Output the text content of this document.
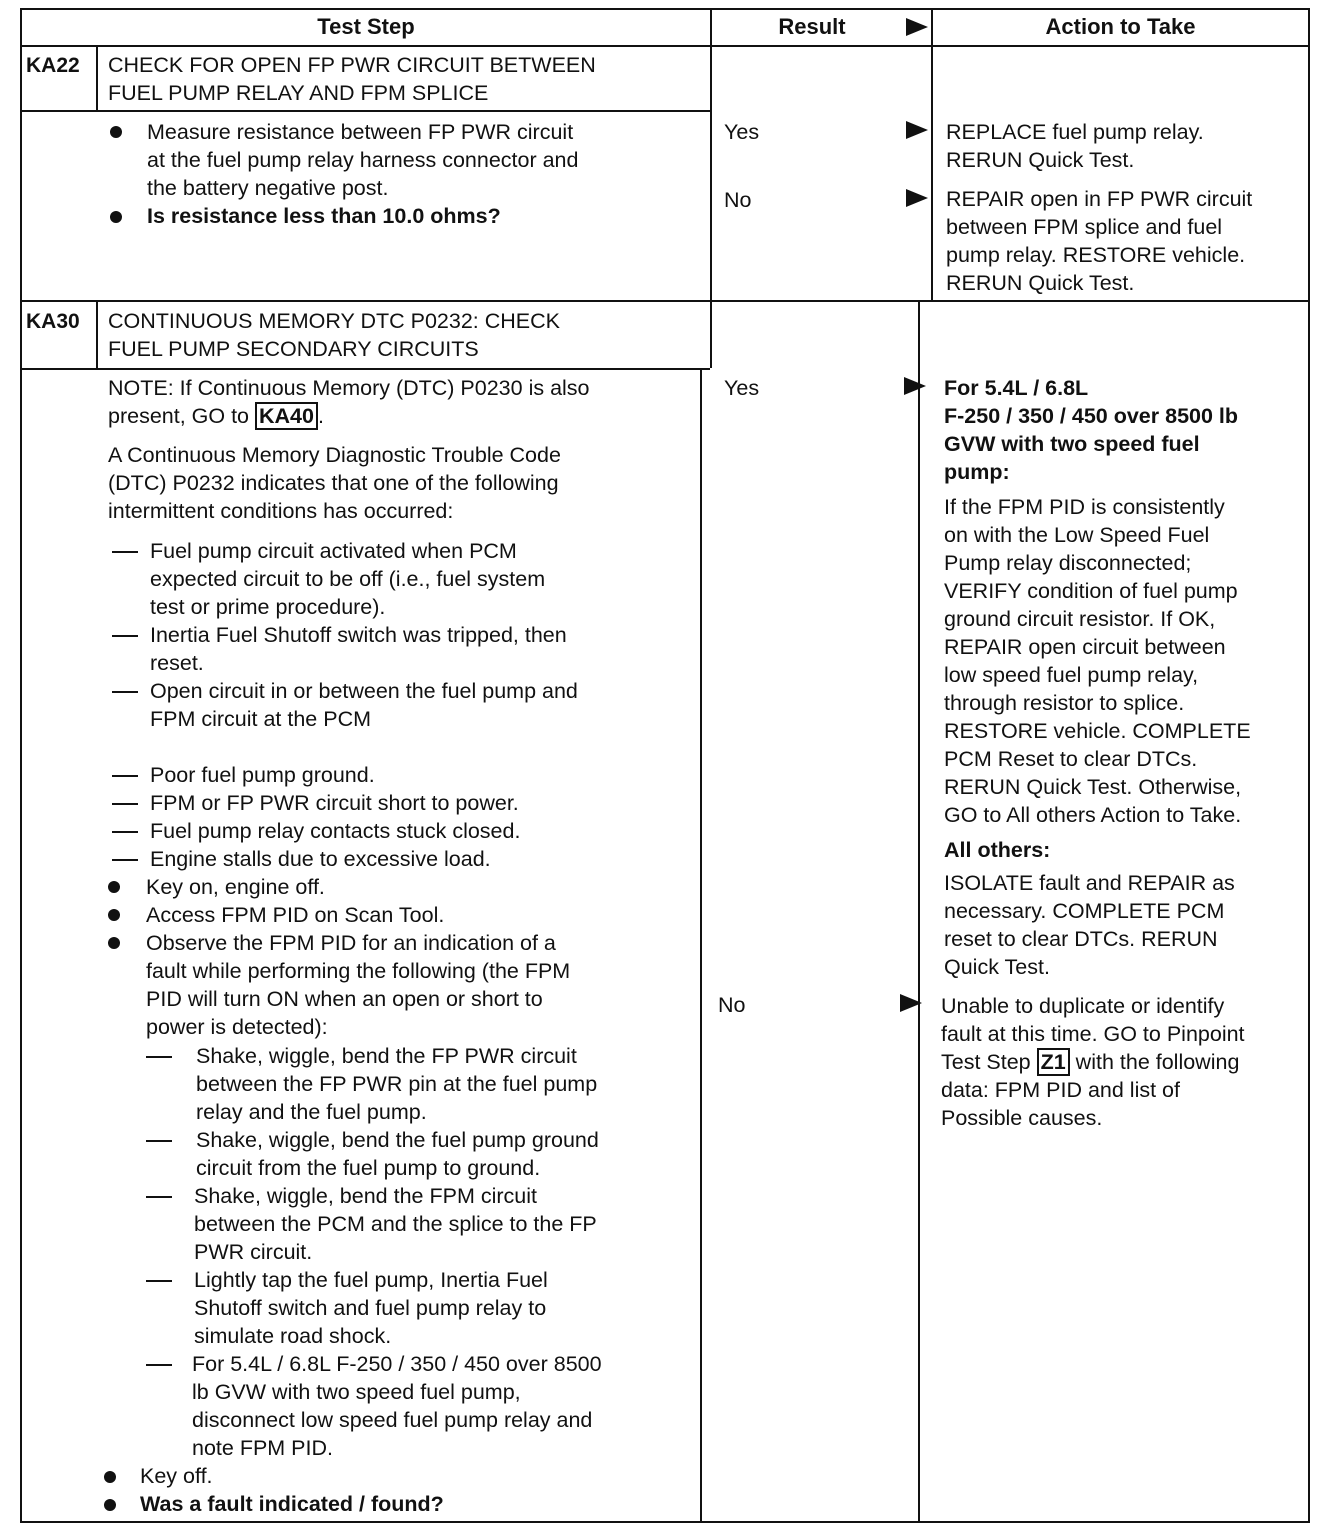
Test Step	Result	Action to Take
KA22 CHECK FOR OPEN FP PWR CIRCUIT BETWEEN
FUEL PUMP RELAY AND FPM SPLICE
Measure resistance between FP PWR circuit
at the fuel pump relay harness connector and
the battery negative post.
Is resistance less than 10.0 ohms?
Yes
No
REPLACE fuel pump relay.
RERUN Quick Test.
REPAIR open in FP PWR circuit
between FPM splice and fuel
pump relay. RESTORE vehicle.
RERUN Quick Test.
KA30 CONTINUOUS MEMORY DTC P0232: CHECK
FUEL PUMP SECONDARY CIRCUITS
NOTE: If Continuous Memory (DTC) P0230 is also
present, GO to KA40 .
A Continuous Memory Diagnostic Trouble Code
(DTC) P0232 indicates that one of the following
intermittent conditions has occurred:
Fuel pump circuit activated when PCM
expected circuit to be off (i.e., fuel system
test or prime procedure).
Inertia Fuel Shutoff switch was tripped, then
reset.
Open circuit in or between the fuel pump and
FPM circuit at the PCM
Poor fuel pump ground.
FPM or FP PWR circuit short to power.
Fuel pump relay contacts stuck closed.
Engine stalls due to excessive load.
Key on, engine off.
Access FPM PID on Scan Tool.
Observe the FPM PID for an indication of a
fault while performing the following (the FPM
PID will turn ON when an open or short to
power is detected):
Shake, wiggle, bend the FP PWR circuit
between the FP PWR pin at the fuel pump
relay and the fuel pump.
Shake, wiggle, bend the fuel pump ground
circuit from the fuel pump to ground.
Shake, wiggle, bend the FPM circuit
between the PCM and the splice to the FP
PWR circuit.
Lightly tap the fuel pump, Inertia Fuel
Shutoff switch and fuel pump relay to
simulate road shock.
For 5.4L / 6.8L F-250 / 350 / 450 over 8500
lb GVW with two speed fuel pump,
disconnect low speed fuel pump relay and
note FPM PID.
Key off.
Was a fault indicated / found?
Yes
No
For 5.4L / 6.8L
F-250 / 350 / 450 over 8500 lb
GVW with two speed fuel
pump:
If the FPM PID is consistently
on with the Low Speed Fuel
Pump relay disconnected;
VERIFY condition of fuel pump
ground circuit resistor. If OK,
REPAIR open circuit between
low speed fuel pump relay,
through resistor to splice.
RESTORE vehicle. COMPLETE
PCM Reset to clear DTCs.
RERUN Quick Test. Otherwise,
GO to All others Action to Take.
All others:
ISOLATE fault and REPAIR as
necessary. COMPLETE PCM
reset to clear DTCs. RERUN
Quick Test.
Unable to duplicate or identify
fault at this time. GO to Pinpoint
Test Step Z1 with the following
data: FPM PID and list of
Possible causes.
